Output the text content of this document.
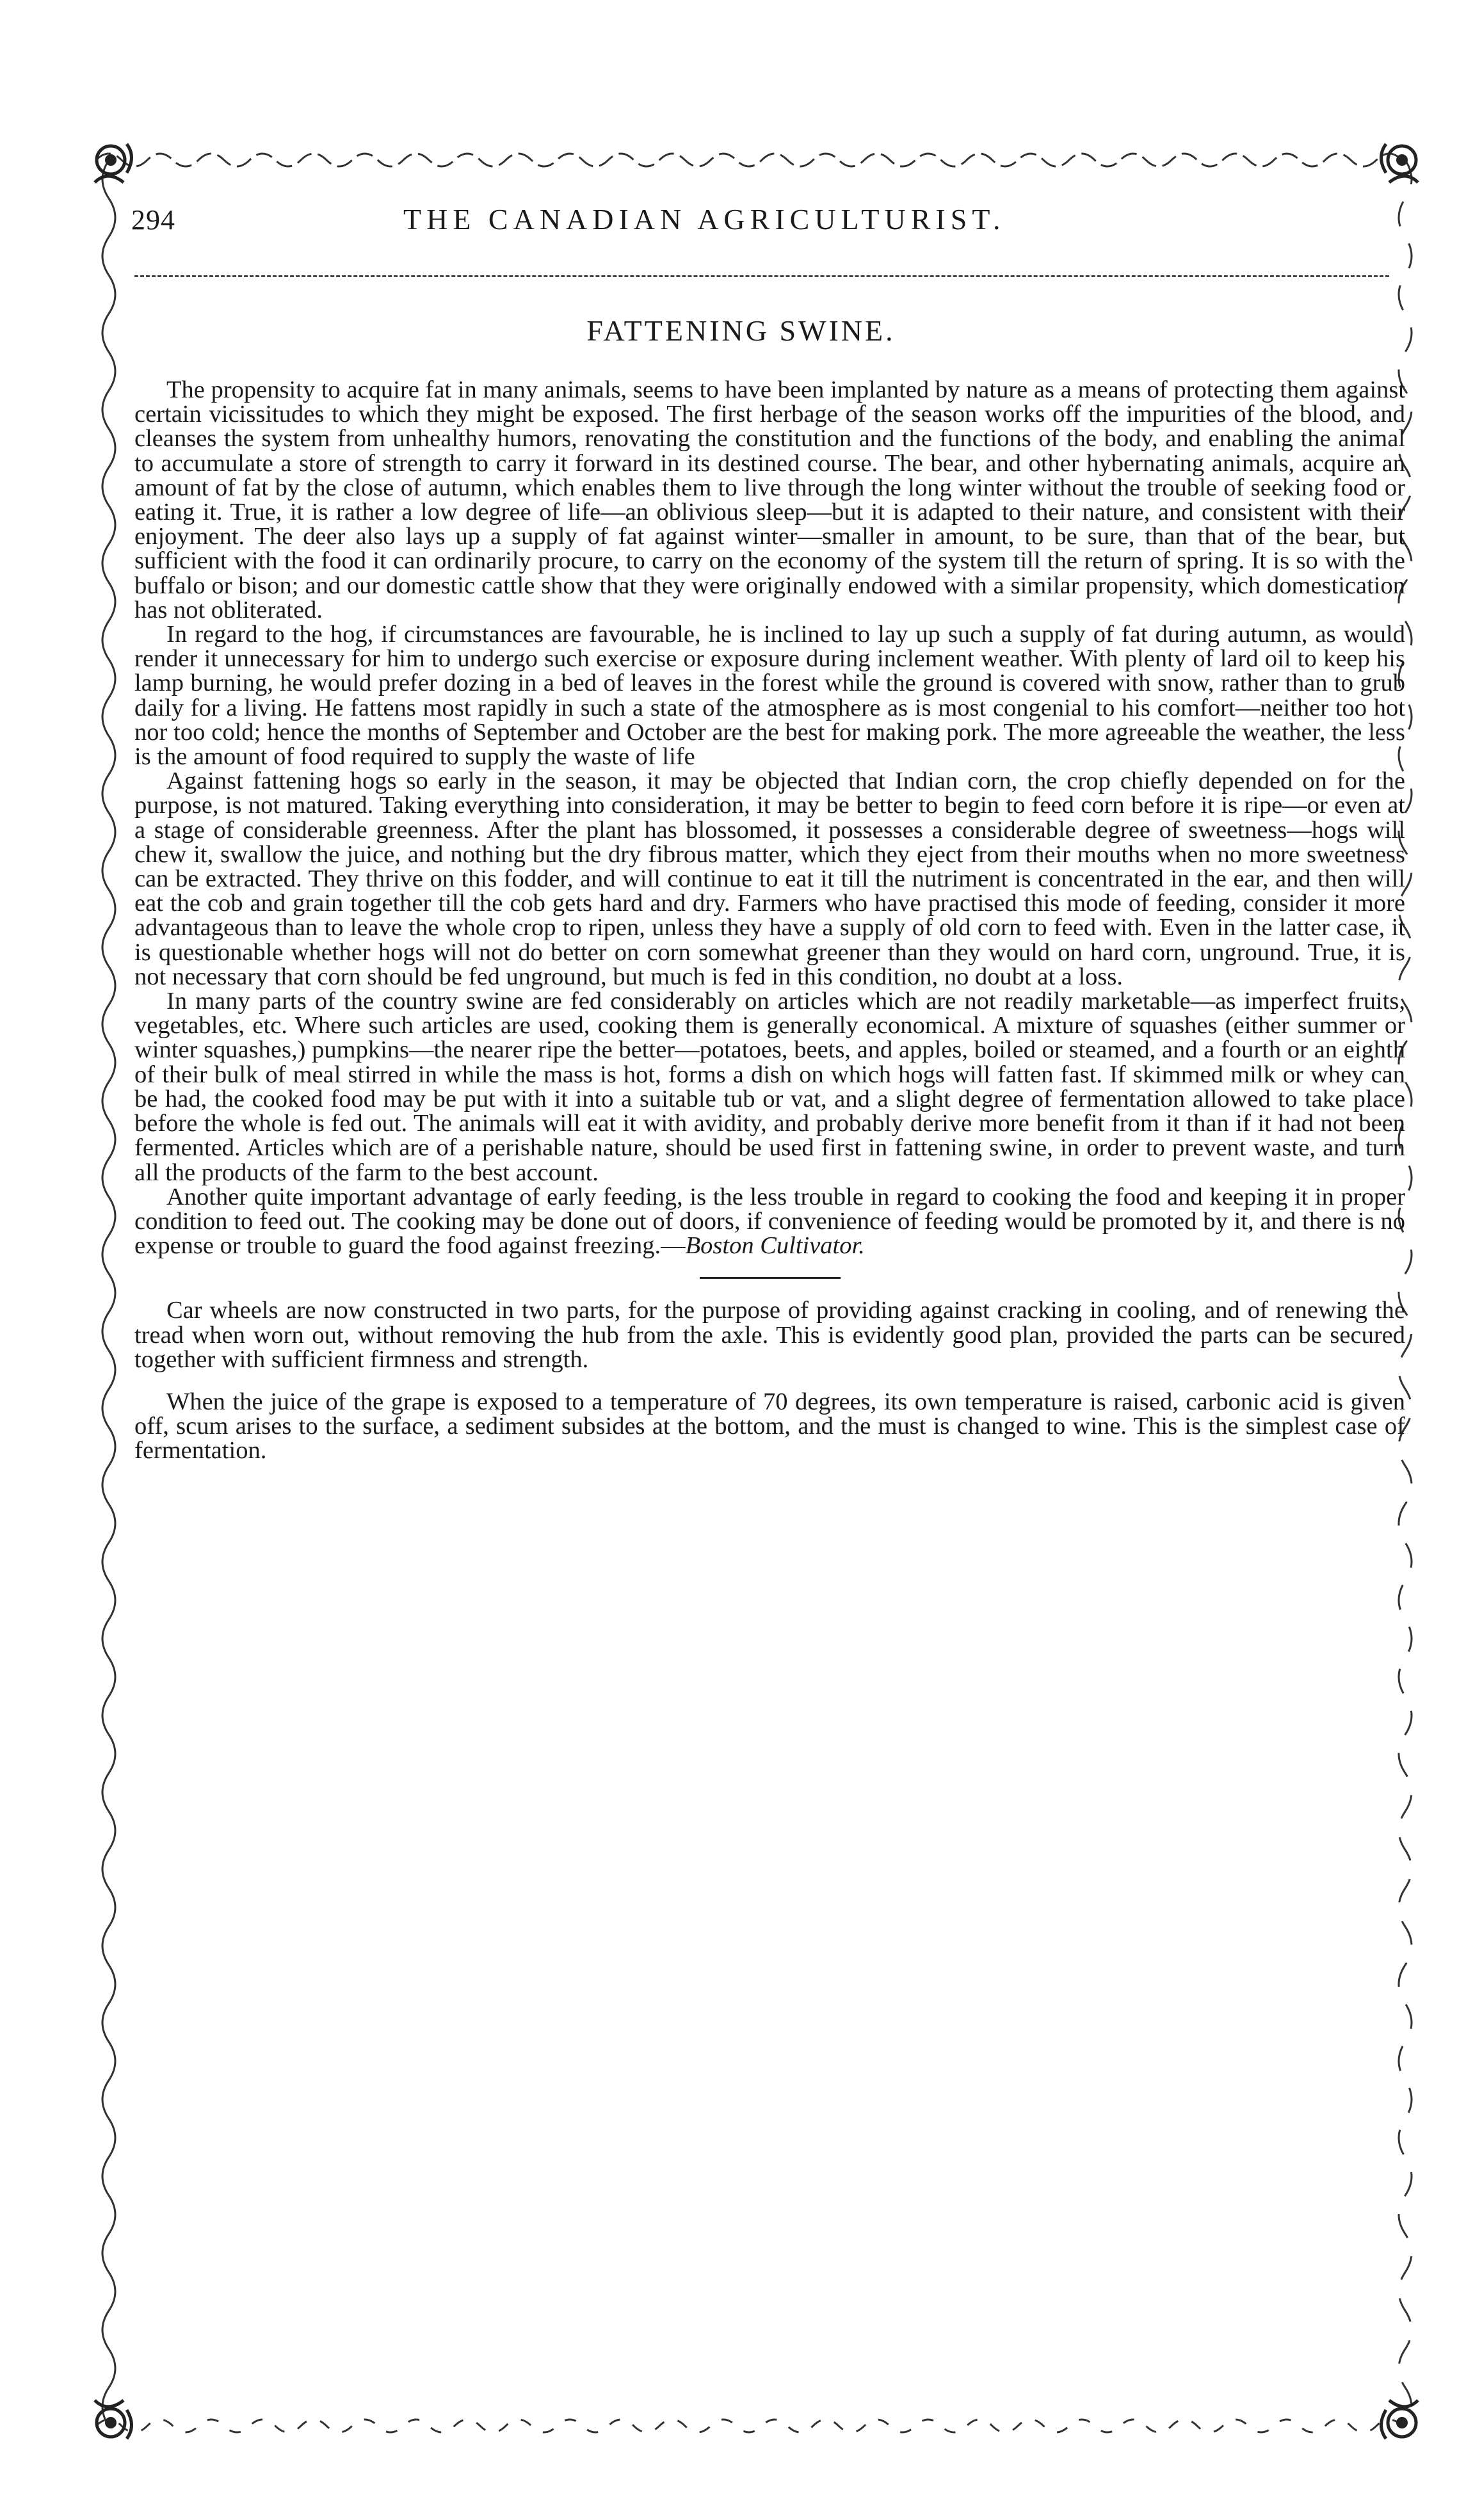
294	THE CANADIAN AGRICULTURIST.
FATTENING SWINE.

The propensity to acquire fat in many animals, seems to have been implanted by nature as a means of protecting them against certain vicissitudes to which they might be exposed. The first herbage of the season works off the impurities of the blood, and cleanses the system from unhealthy humors, renovating the constitution and the functions of the body, and enabling the animal to accumulate a store of strength to carry it forward in its destined course. The bear, and other hybernating animals, acquire an amount of fat by the close of autumn, which enables them to live through the long winter without the trouble of seeking food or eating it. True, it is rather a low degree of life—an oblivious sleep—but it is adapted to their nature, and consistent with their enjoyment. The deer also lays up a supply of fat against winter—smaller in amount, to be sure, than that of the bear, but sufficient with the food it can ordinarily procure, to carry on the economy of the system till the return of spring. It is so with the buffalo or bison; and our domestic cattle show that they were originally endowed with a similar propensity, which domestication has not obliterated.

In regard to the hog, if circumstances are favourable, he is inclined to lay up such a supply of fat during autumn, as would render it unnecessary for him to undergo such exercise or exposure during inclement weather. With plenty of lard oil to keep his lamp burning, he would prefer dozing in a bed of leaves in the forest while the ground is covered with snow, rather than to grub daily for a living. He fattens most rapidly in such a state of the atmosphere as is most congenial to his comfort—neither too hot nor too cold; hence the months of September and October are the best for making pork. The more agreeable the weather, the less is the amount of food required to supply the waste of life

Against fattening hogs so early in the season, it may be objected that Indian corn, the crop chiefly depended on for the purpose, is not matured. Taking everything into consideration, it may be better to begin to feed corn before it is ripe—or even at a stage of considerable greenness. After the plant has blossomed, it possesses a considerable degree of sweetness—hogs will chew it, swallow the juice, and nothing but the dry fibrous matter, which they eject from their mouths when no more sweetness can be extracted. They thrive on this fodder, and will continue to eat it till the nutriment is concentrated in the ear, and then will eat the cob and grain together till the cob gets hard and dry. Farmers who have practised this mode of feeding, consider it more advantageous than to leave the whole crop to ripen, unless they have a supply of old corn to feed with. Even in the latter case, it is questionable whether hogs will not do better on corn somewhat greener than they would on hard corn, unground. True, it is not necessary that corn should be fed unground, but much is fed in this condition, no doubt at a loss.

In many parts of the country swine are fed considerably on articles which are not readily marketable—as imperfect fruits, vegetables, etc. Where such articles are used, cooking them is generally economical. A mixture of squashes (either summer or winter squashes,) pumpkins—the nearer ripe the better—potatoes, beets, and apples, boiled or steamed, and a fourth or an eighth of their bulk of meal stirred in while the mass is hot, forms a dish on which hogs will fatten fast. If skimmed milk or whey can be had, the cooked food may be put with it into a suitable tub or vat, and a slight degree of fermentation allowed to take place before the whole is fed out. The animals will eat it with avidity, and probably derive more benefit from it than if it had not been fermented. Articles which are of a perishable nature, should be used first in fattening swine, in order to prevent waste, and turn all the products of the farm to the best account.

Another quite important advantage of early feeding, is the less trouble in regard to cooking the food and keeping it in proper condition to feed out. The cooking may be done out of doors, if convenience of feeding would be promoted by it, and there is no expense or trouble to guard the food against freezing.—Boston Cultivator.

Car wheels are now constructed in two parts, for the purpose of providing against cracking in cooling, and of renewing the tread when worn out, without removing the hub from the axle. This is evidently good plan, provided the parts can be secured together with sufficient firmness and strength.

When the juice of the grape is exposed to a temperature of 70 degrees, its own temperature is raised, carbonic acid is given off, scum arises to the surface, a sediment subsides at the bottom, and the must is changed to wine. This is the simplest case of fermentation.
